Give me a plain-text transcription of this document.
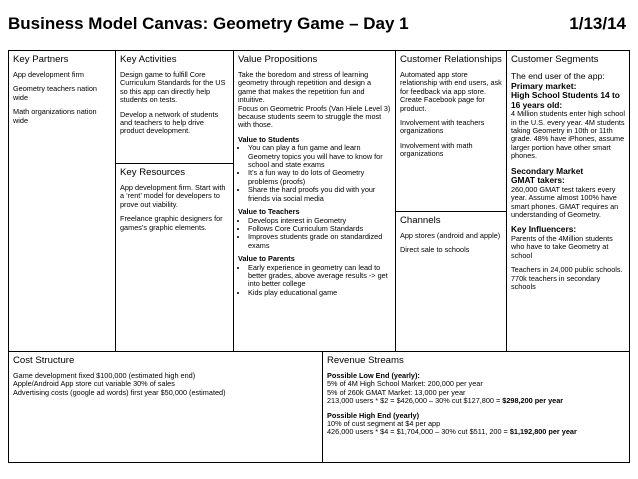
Business Model Canvas: Geometry Game – Day 1	1/13/14
Key Partners

App development firm

Geometry teachers nation wide

Math organizations nation wide

Key Activities

Design game to fulfill Core Curriculum Standards for the US so this app can directly help students on tests.

Develop a network of students and teachers to help drive product development.

Key Resources

App development firm. Start with a ‘rent’ model for developers to prove out viability.

Freelance graphic designers for games’s graphic elements.

Value Propositions

Take the boredom and stress of learning geometry through repetition and design a game that makes the repetition fun and intuitive.

Focus on Geometric Proofs (Van Hiele Level 3) because students seem to struggle the most with those.

Value to Students
• You can play a fun game and learn Geometry topics you will have to know for school and state exams
• It’s a fun way to do lots of Geometry problems (proofs)
• Share the hard proofs you did with your friends via social media
Value to Teachers
• Develops interest in Geometry
• Follows Core Curriculum Standards
• Improves students grade on standardized exams
Value to Parents
• Early experience in geometry can lead to better grades, above average results -> get into better college
• Kids play educational game
Customer Relationships

Automated app store relationship with end users, ask for feedback via app store. Create Facebook page for product.

Involvement with teachers organizations

Involvement with math organizations

Channels

App stores (android and apple)

Direct sale to schools

Customer Segments
The end user of the app:
Primary market:
High School Students 14 to 16 years old:

4 Million students enter high school in the U.S. every year. 4M students taking Geometry in 10th or 11th grade. 48% have iPhones, assume larger portion have other smart phones.

Secondary Market
GMAT takers:

260,000 GMAT test takers every year. Assume almost 100% have smart phones. GMAT requires an understanding of Geometry.

Key Influencers:

Parents of the 4Million students who have to take Geometry at school

Teachers in 24,000 public schools. 770k teachers in secondary schools

Cost Structure
Game development fixed $100,000 (estimated high end)
Apple/Android App store cut variable 30% of sales
Advertising costs (google ad words) first year $50,000 (estimated)
Revenue Streams
Possible Low End (yearly):
5% of 4M High School Market: 200,000 per year
5% of 260k GMAT Market: 13,000 per year
213,000 users * $2 = $426,000 – 30% cut $127,800 = $298,200 per year
Possible High End (yearly)
10% of cust segment at $4 per app
426,000 users * $4 = $1,704,000 – 30% cut $511, 200 = $1,192,800 per year
